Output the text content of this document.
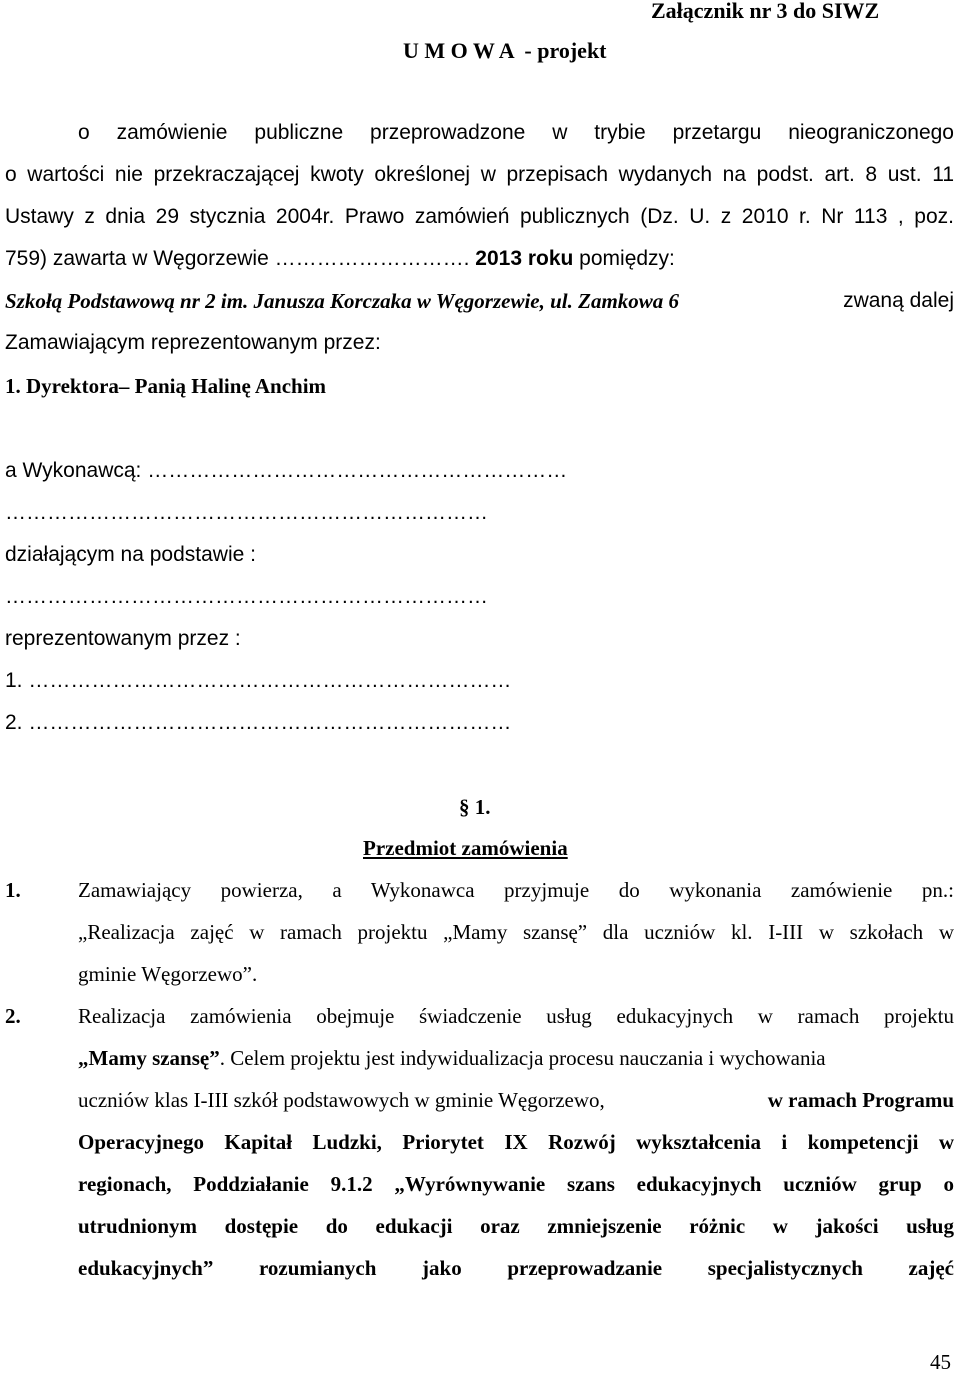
Załącznik nr 3 do SIWZ
U M O W A  - projekt
o zamówienie publiczne przeprowadzone w trybie przetargu nieograniczonego
o wartości nie przekraczającej kwoty określonej w przepisach wydanych na podst. art. 8 ust. 11
Ustawy z dnia 29 stycznia 2004r. Prawo zamówień publicznych (Dz. U. z 2010 r. Nr 113 , poz.
759) zawarta w Węgorzewie ………………………. 2013 roku pomiędzy:
Szkołą Podstawową nr 2 im. Janusza Korczaka w Węgorzewie, ul. Zamkowa 6	zwaną dalej
Zamawiającym reprezentowanym przez:
1. Dyrektora– Panią Halinę Anchim
a Wykonawcą: ……………………………………………………
……………………………………………………………
działającym na podstawie :
……………………………………………………………
reprezentowanym przez :
1. ……………………………………………………………
2. ……………………………………………………………
§ 1.
Przedmiot zamówienia
1.	Zamawiający powierza, a Wykonawca przyjmuje do wykonania zamówienie pn.:
„Realizacja zajęć w ramach projektu „Mamy szansę” dla uczniów kl. I-III w szkołach w
gminie Węgorzewo”.
2.	Realizacja zamówienia obejmuje świadczenie usług edukacyjnych w ramach projektu
„Mamy szansę”. Celem projektu jest indywidualizacja procesu nauczania i wychowania
uczniów klas I-III szkół podstawowych w gminie Węgorzewo,	w ramach Programu
Operacyjnego Kapitał Ludzki, Priorytet IX Rozwój wykształcenia i kompetencji w
regionach, Poddziałanie 9.1.2 „Wyrównywanie szans edukacyjnych uczniów grup o
utrudnionym dostępie do edukacji oraz zmniejszenie różnic w jakości usług
edukacyjnych” rozumianych jako przeprowadzanie specjalistycznych zajęć
45
